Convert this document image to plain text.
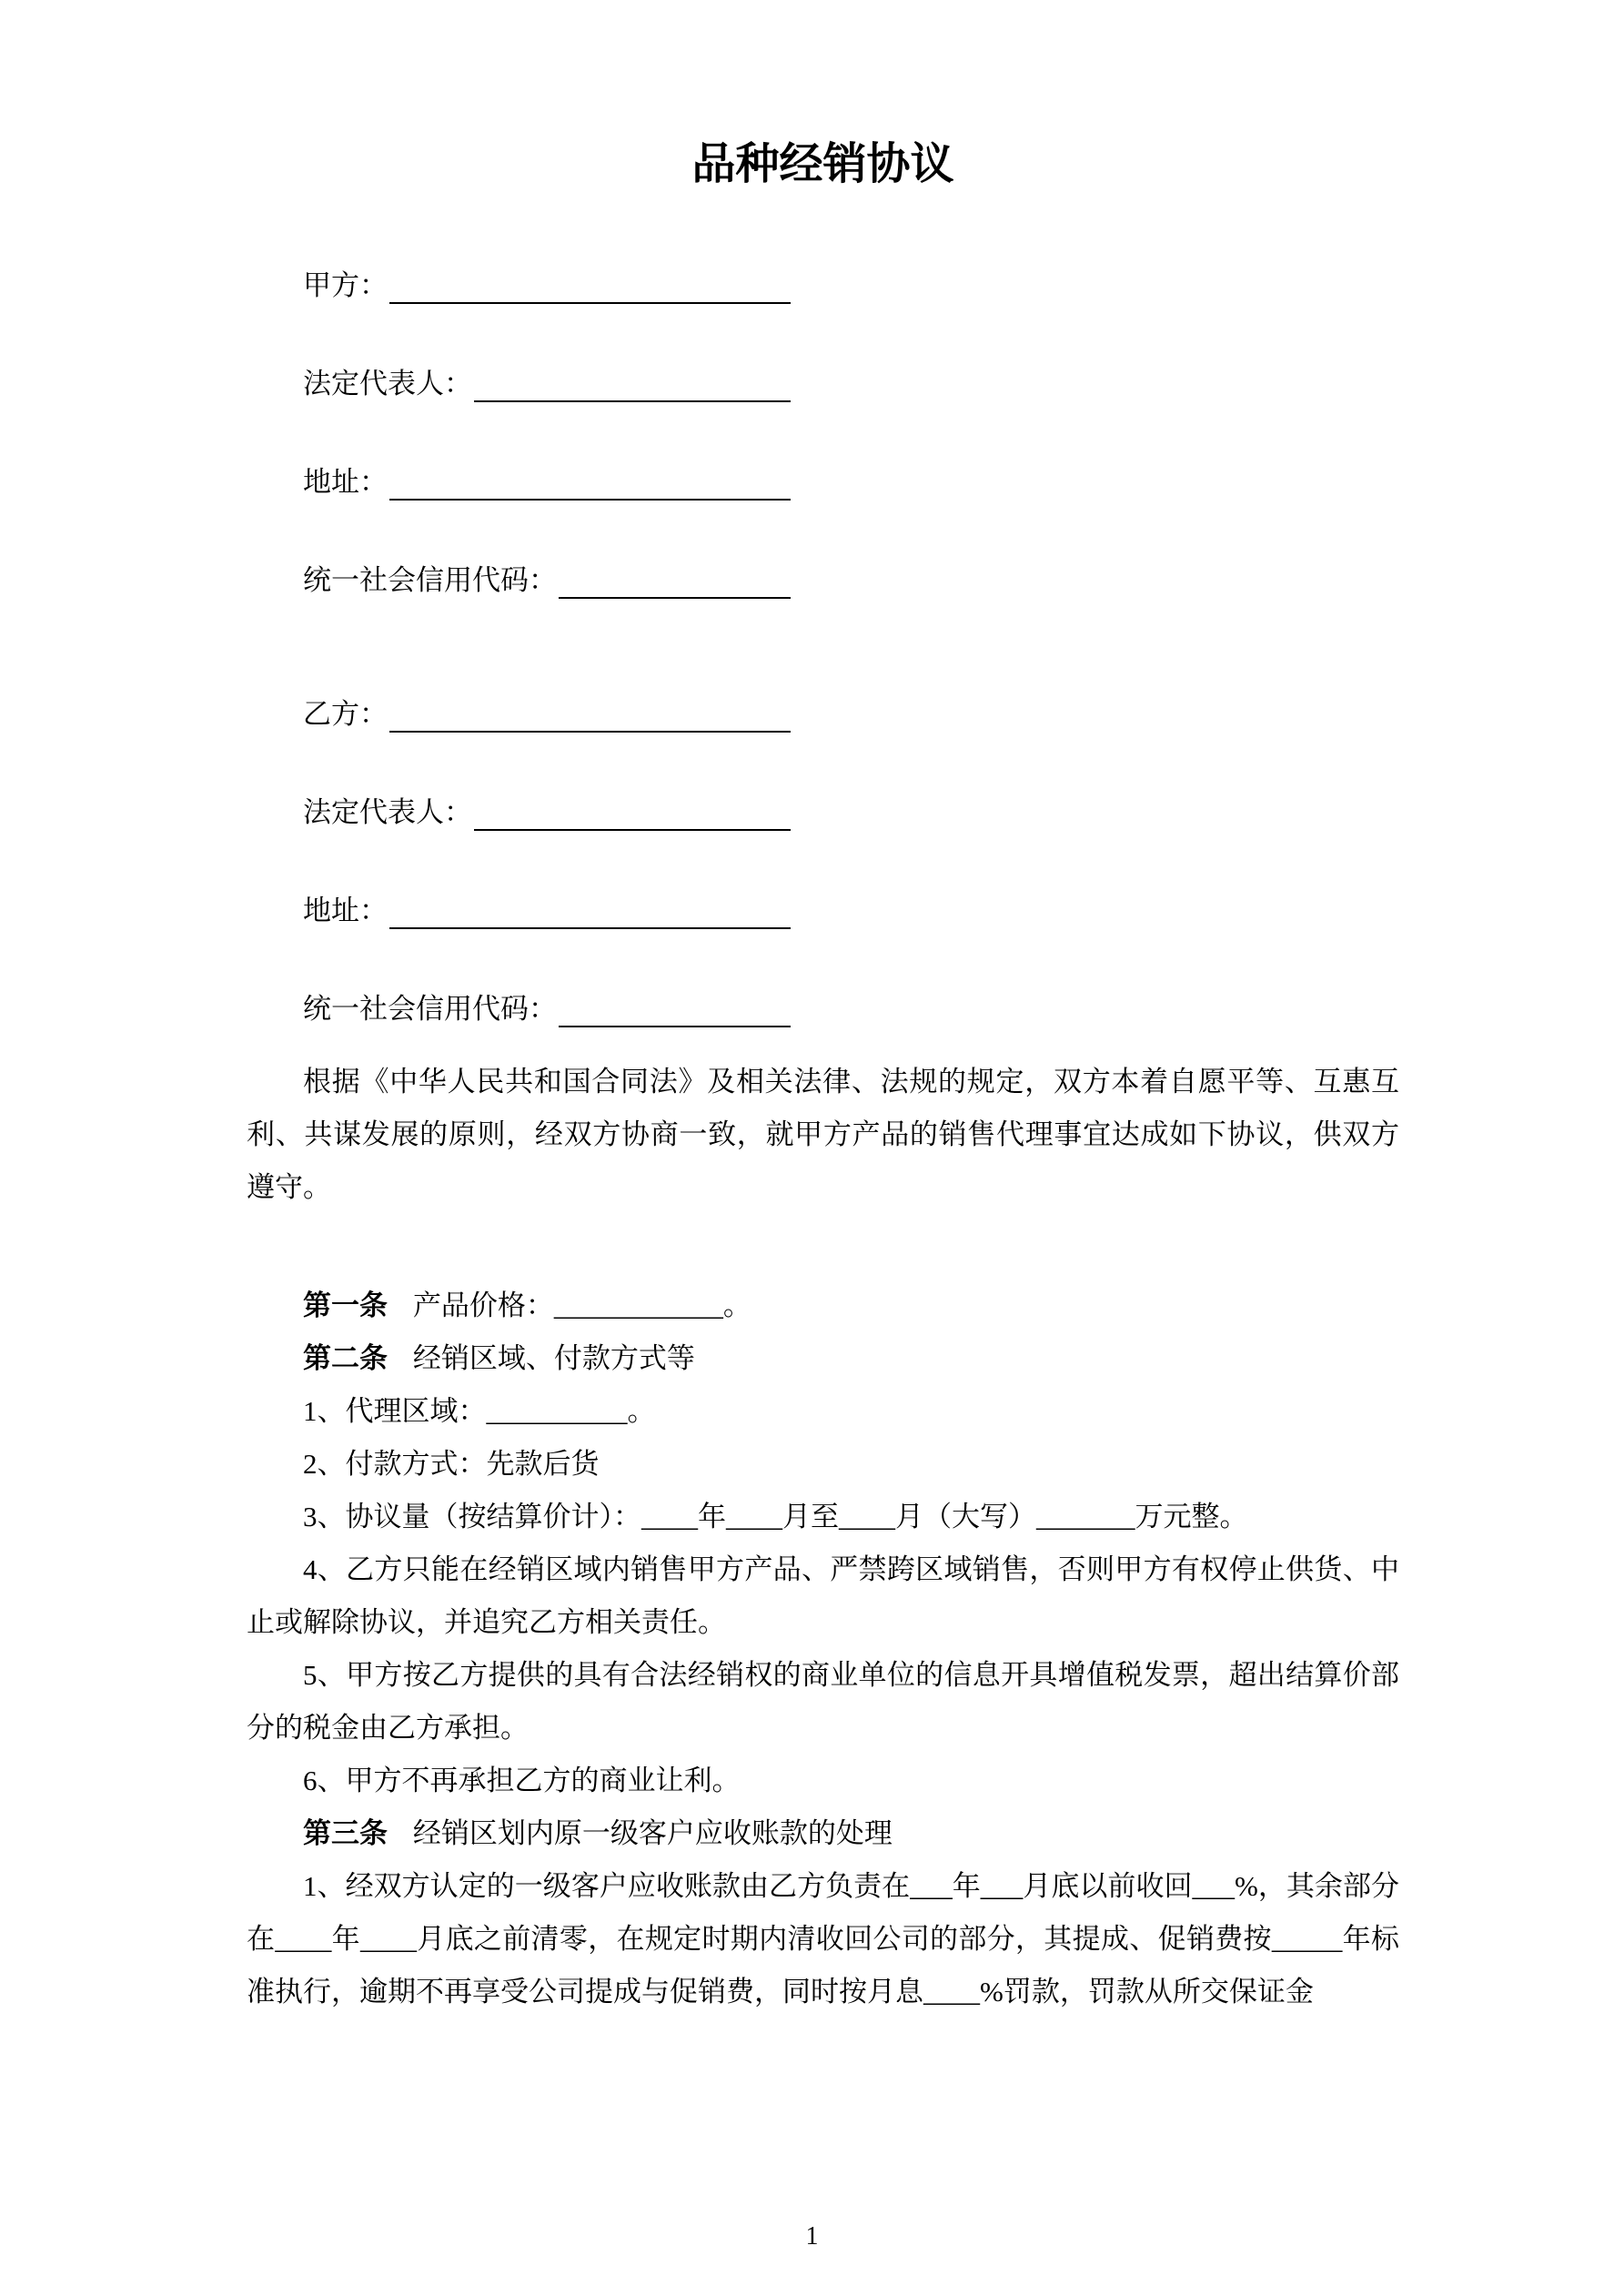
品种经销协议

甲方：

法定代表人：

地址：

统一社会信用代码：

乙方：

法定代表人：

地址：

统一社会信用代码：

根据《中华人民共和国合同法》及相关法律、法规的规定，双方本着自愿平等、互惠互利、共谋发展的原则，经双方协商一致，就甲方产品的销售代理事宜达成如下协议，供双方遵守。

第一条 产品价格：____________。

第二条 经销区域、付款方式等

1、代理区域：__________。

2、付款方式：先款后货

3、协议量（按结算价计）：____年____月至____月（大写）_______万元整。

4、乙方只能在经销区域内销售甲方产品、严禁跨区域销售，否则甲方有权停止供货、中止或解除协议，并追究乙方相关责任。

5、甲方按乙方提供的具有合法经销权的商业单位的信息开具增值税发票，超出结算价部分的税金由乙方承担。

6、甲方不再承担乙方的商业让利。

第三条 经销区划内原一级客户应收账款的处理

1、经双方认定的一级客户应收账款由乙方负责在___年___月底以前收回___%，其余部分在____年____月底之前清零，在规定时期内清收回公司的部分，其提成、促销费按_____年标准执行，逾期不再享受公司提成与促销费，同时按月息____%罚款，罚款从所交保证金

1
